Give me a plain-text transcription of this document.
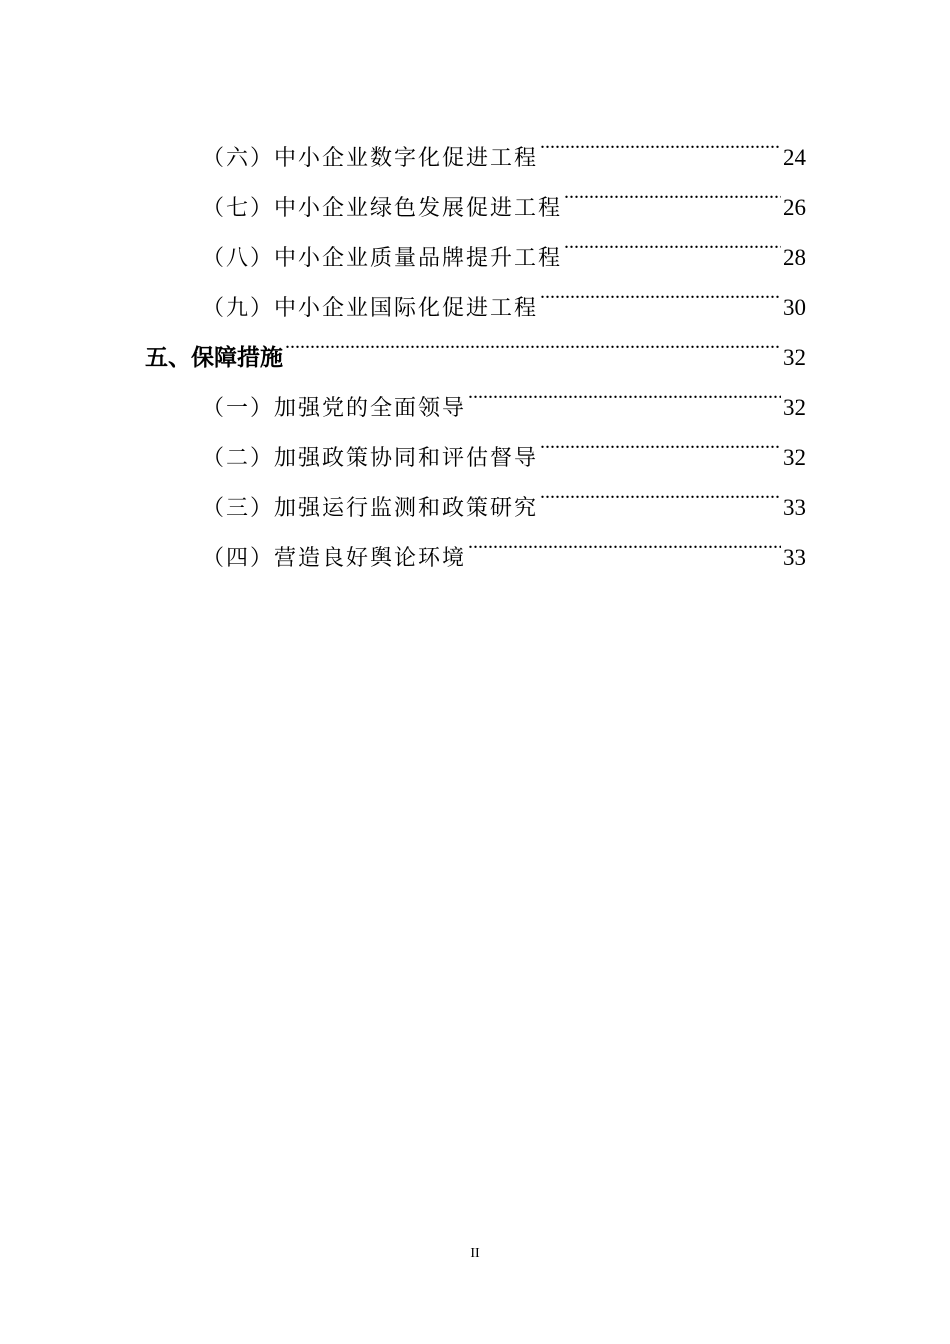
（六）中小企业数字化促进工程 .....	24
（七）中小企业绿色发展促进工程 .....	26
（八）中小企业质量品牌提升工程 .....	28
（九）中小企业国际化促进工程 .....	30
五、保障措施 .....	32
（一）加强党的全面领导 .....	32
（二）加强政策协同和评估督导 .....	32
（三）加强运行监测和政策研究 .....	33
（四）营造良好舆论环境 .....	33
II
